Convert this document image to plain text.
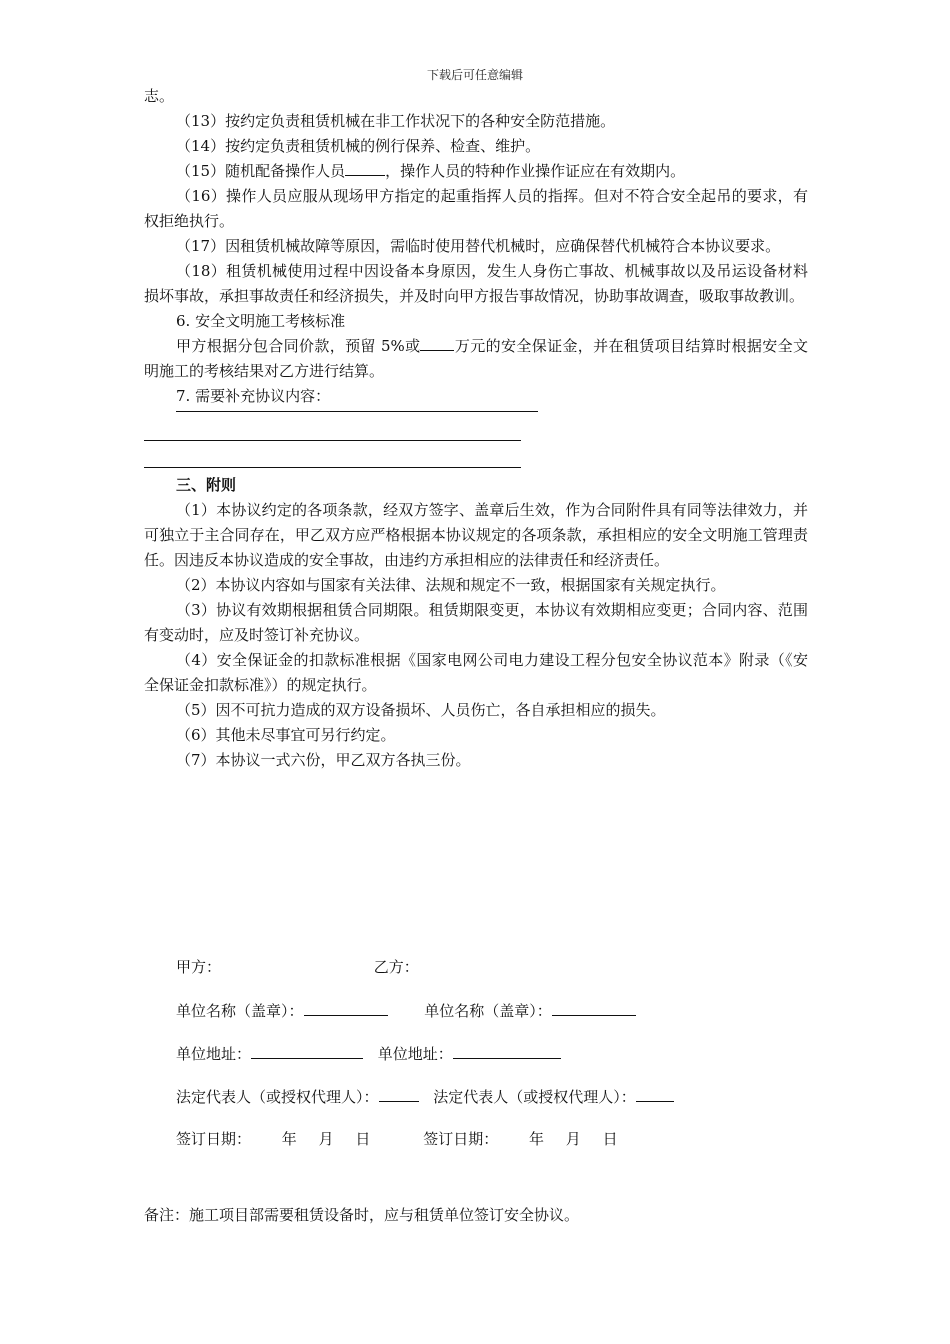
下载后可任意编辑

志。

（13）按约定负责租赁机械在非工作状况下的各种安全防范措施。

（14）按约定负责租赁机械的例行保养、检查、维护。

（15）随机配备操作人员	，操作人员的特种作业操作证应在有效期内。

（16）操作人员应服从现场甲方指定的起重指挥人员的指挥。但对不符合安全起吊的要求，有权拒绝执行。

（17）因租赁机械故障等原因，需临时使用替代机械时，应确保替代机械符合本协议要求。

（18）租赁机械使用过程中因设备本身原因，发生人身伤亡事故、机械事故以及吊运设备材料损坏事故，承担事故责任和经济损失，并及时向甲方报告事故情况，协助事故调查，吸取事故教训。

6. 安全文明施工考核标准

甲方根据分包合同价款，预留 5%或 万元的安全保证金，并在租赁项目结算时根据安全文明施工的考核结果对乙方进行结算。

7. 需要补充协议内容：

三、附则

（1）本协议约定的各项条款，经双方签字、盖章后生效，作为合同附件具有同等法律效力，并可独立于主合同存在，甲乙双方应严格根据本协议规定的各项条款，承担相应的安全文明施工管理责任。因违反本协议造成的安全事故，由违约方承担相应的法律责任和经济责任。

（2）本协议内容如与国家有关法律、法规和规定不一致，根据国家有关规定执行。

（3）协议有效期根据租赁合同期限。租赁期限变更，本协议有效期相应变更；合同内容、范围有变动时，应及时签订补充协议。

（4）安全保证金的扣款标准根据《国家电网公司电力建设工程分包安全协议范本》附录（《安全保证金扣款标准》）的规定执行。

（5）因不可抗力造成的双方设备损坏、人员伤亡，各自承担相应的损失。

（6）其他未尽事宜可另行约定。

（7）本协议一式六份，甲乙双方各执三份。

甲方：	乙方：
单位名称（盖章）：	单位名称（盖章）：
单位地址：	单位地址：
法定代表人（或授权代理人）：	法定代表人（或授权代理人）：
签订日期： 年 月 日	签订日期： 年 月 日
备注：施工项目部需要租赁设备时，应与租赁单位签订安全协议。
